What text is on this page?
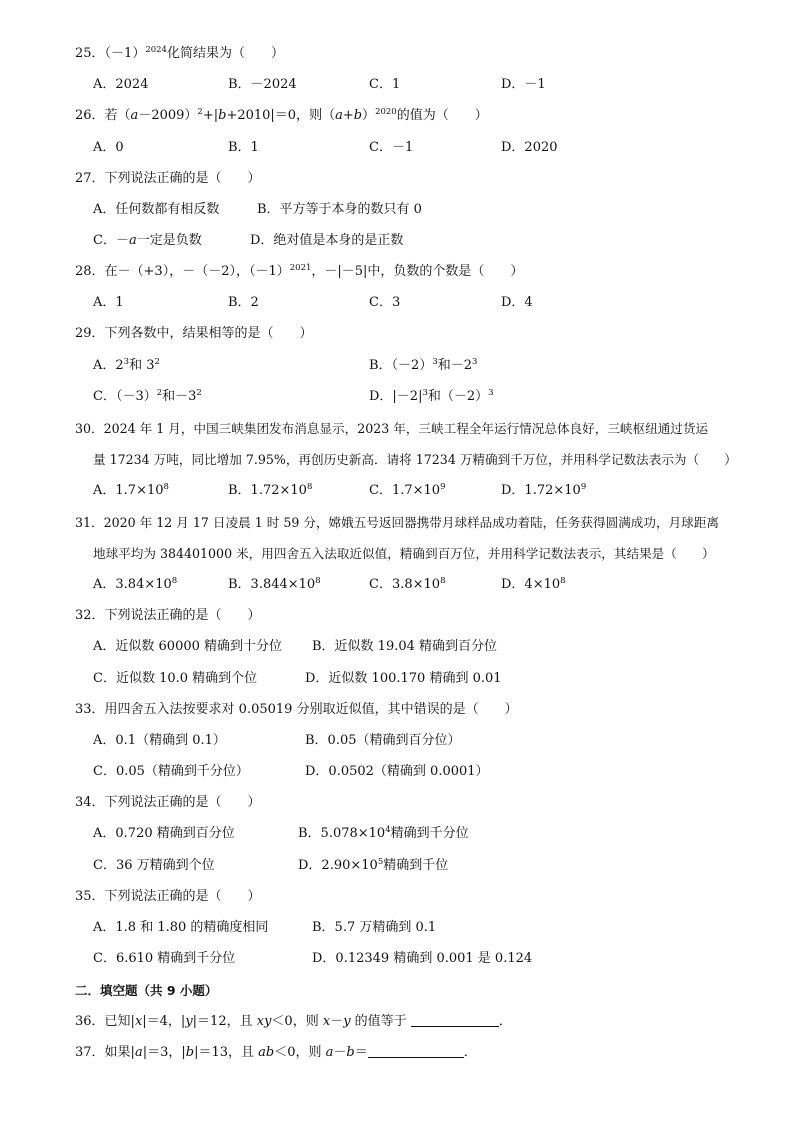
25．$(-1)^{2024}$化简结果为（　　）
A．2024	B．－2024	C．1	D．－1
26．若$(a-2009)^2+|b+2010|=0$，则$(a+b)^{2020}$的值为（　　）
A．0	B．1	C．－1	D．2020
27．下列说法正确的是（　　）
A．任何数都有相反数	B．平方等于本身的数只有 0
C．－a一定是负数	D．绝对值是本身的是正数
28．在－（+3），－（－2），$(-1)^{2021}$，－|－5|中，负数的个数是（　　）
A．1	B．2	C．3	D．4
29．下列各数中，结果相等的是（　　）
A．$2^3$和 $3^2$	B．$(-2)^3$和$-2^3$
C．$(-3)^2$和$-3^2$	D．$|-2|^3$和$(-2)^3$
30．2024 年 1 月，中国三峡集团发布消息显示，2023 年，三峡工程全年运行情况总体良好，三峡枢纽通过货运
量 17234 万吨，同比增加 7.95%，再创历史新高．请将 17234 万精确到千万位，并用科学记数法表示为（　　）
A．$1.7\times 10^8$	B．$1.72\times 10^8$	C．$1.7\times 10^9$	D．$1.72\times 10^9$
31．2020 年 12 月 17 日凌晨 1 时 59 分，嫦娥五号返回器携带月球样品成功着陆，任务获得圆满成功，月球距离
地球平均为 384401000 米，用四舍五入法取近似值，精确到百万位，并用科学记数法表示，其结果是（　　）
A．$3.84\times 10^8$	B．$3.844\times 10^8$	C．$3.8\times 10^8$	D．$4\times 10^8$
32．下列说法正确的是（　　）
A．近似数 60000 精确到十分位 B．近似数 19.04 精确到百分位
C．近似数 10.0 精确到个位	D．近似数 100.170 精确到 0.01
33．用四舍五入法按要求对 0.05019 分别取近似值，其中错误的是（　　）
A．0.1（精确到 0.1）	B．0.05（精确到百分位）
C．0.05（精确到千分位）	D．0.0502（精确到 0.0001）
34．下列说法正确的是（　　）
A．0.720 精确到百分位	B．$5.078\times 10^4$精确到千分位
C．36 万精确到个位	D．$2.90\times 10^5$精确到千位
35．下列说法正确的是（　　）
A．1.8 和 1.80 的精确度相同	B．5.7 万精确到 0.1
C．6.610 精确到千分位	D．0.12349 精确到 0.001 是 0.124
二．填空题（共 9 小题）
36．已知|x|＝4，|y|＝12，且 xy＜0，则 x－y 的值等于	．
37．如果|a|＝3，|b|＝13，且 ab＜0，则 a－b＝	．
